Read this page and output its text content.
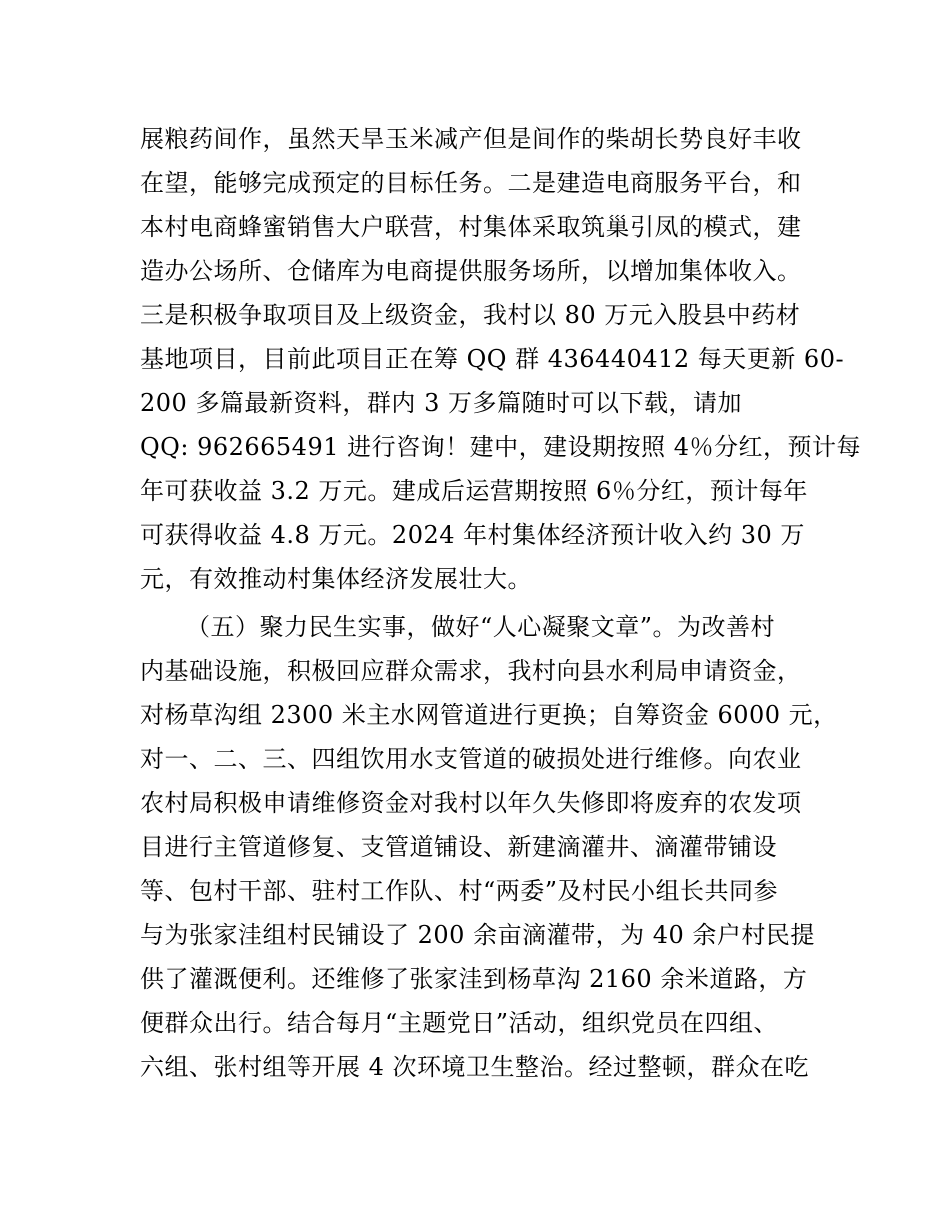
展粮药间作，虽然天旱玉米减产但是间作的柴胡长势良好丰收
在望，能够完成预定的目标任务。二是建造电商服务平台，和
本村电商蜂蜜销售大户联营，村集体采取筑巢引凤的模式，建
造办公场所、仓储库为电商提供服务场所，以增加集体收入。
三是积极争取项目及上级资金，我村以 80 万元入股县中药材
基地项目，目前此项目正在筹 QQ 群 436440412 每天更新 60-
200 多篇最新资料，群内 3 万多篇随时可以下载，请加
QQ: 962665491 进行咨询！建中，建设期按照 4％分红，预计每
年可获收益 3.2 万元。建成后运营期按照 6％分红，预计每年
可获得收益 4.8 万元。2024 年村集体经济预计收入约 30 万
元，有效推动村集体经济发展壮大。
（五）聚力民生实事，做好“人心凝聚文章”。为改善村
内基础设施，积极回应群众需求，我村向县水利局申请资金，
对杨草沟组 2300 米主水网管道进行更换；自筹资金 6000 元，
对一、二、三、四组饮用水支管道的破损处进行维修。向农业
农村局积极申请维修资金对我村以年久失修即将废弃的农发项
目进行主管道修复、支管道铺设、新建滴灌井、滴灌带铺设
等、包村干部、驻村工作队、村“两委”及村民小组长共同参
与为张家洼组村民铺设了 200 余亩滴灌带，为 40 余户村民提
供了灌溉便利。还维修了张家洼到杨草沟 2160 余米道路，方
便群众出行。结合每月“主题党日”活动，组织党员在四组、
六组、张村组等开展 4 次环境卫生整治。经过整顿，群众在吃
